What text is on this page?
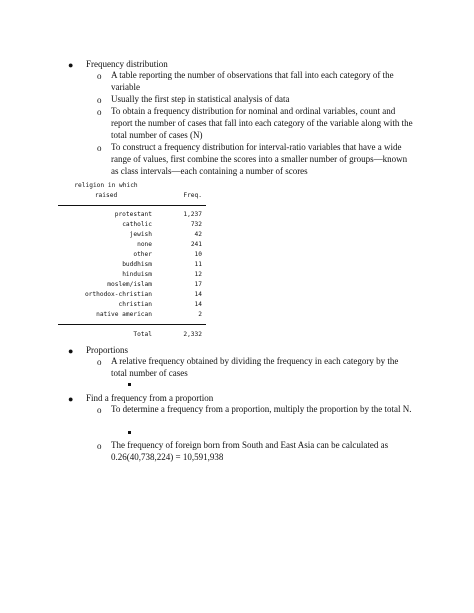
● Frequency distribution
o A table reporting the number of observations that fall into each category of the variable
o Usually the first step in statistical analysis of data
o To obtain a frequency distribution for nominal and ordinal variables, count and report the number of cases that fall into each category of the variable along with the total number of cases (N)
o To construct a frequency distribution for interval-ratio variables that have a wide range of values, first combine the scores into a smaller number of groups—known as class intervals—each containing a number of scores
religion in which
raised	Freq.

protestant	1,237
catholic	732
jewish	42
none	241
other	10
buddhism	11
hinduism	12
moslem/islam	17
orthodox-christian	14
christian	14
native american	2

Total	2,332
● Proportions
o A relative frequency obtained by dividing the frequency in each category by the total number of cases
● Find a frequency from a proportion
o To determine a frequency from a proportion, multiply the proportion by the total N.
o The frequency of foreign born from South and East Asia can be calculated as 0.26(40,738,224) = 10,591,938
